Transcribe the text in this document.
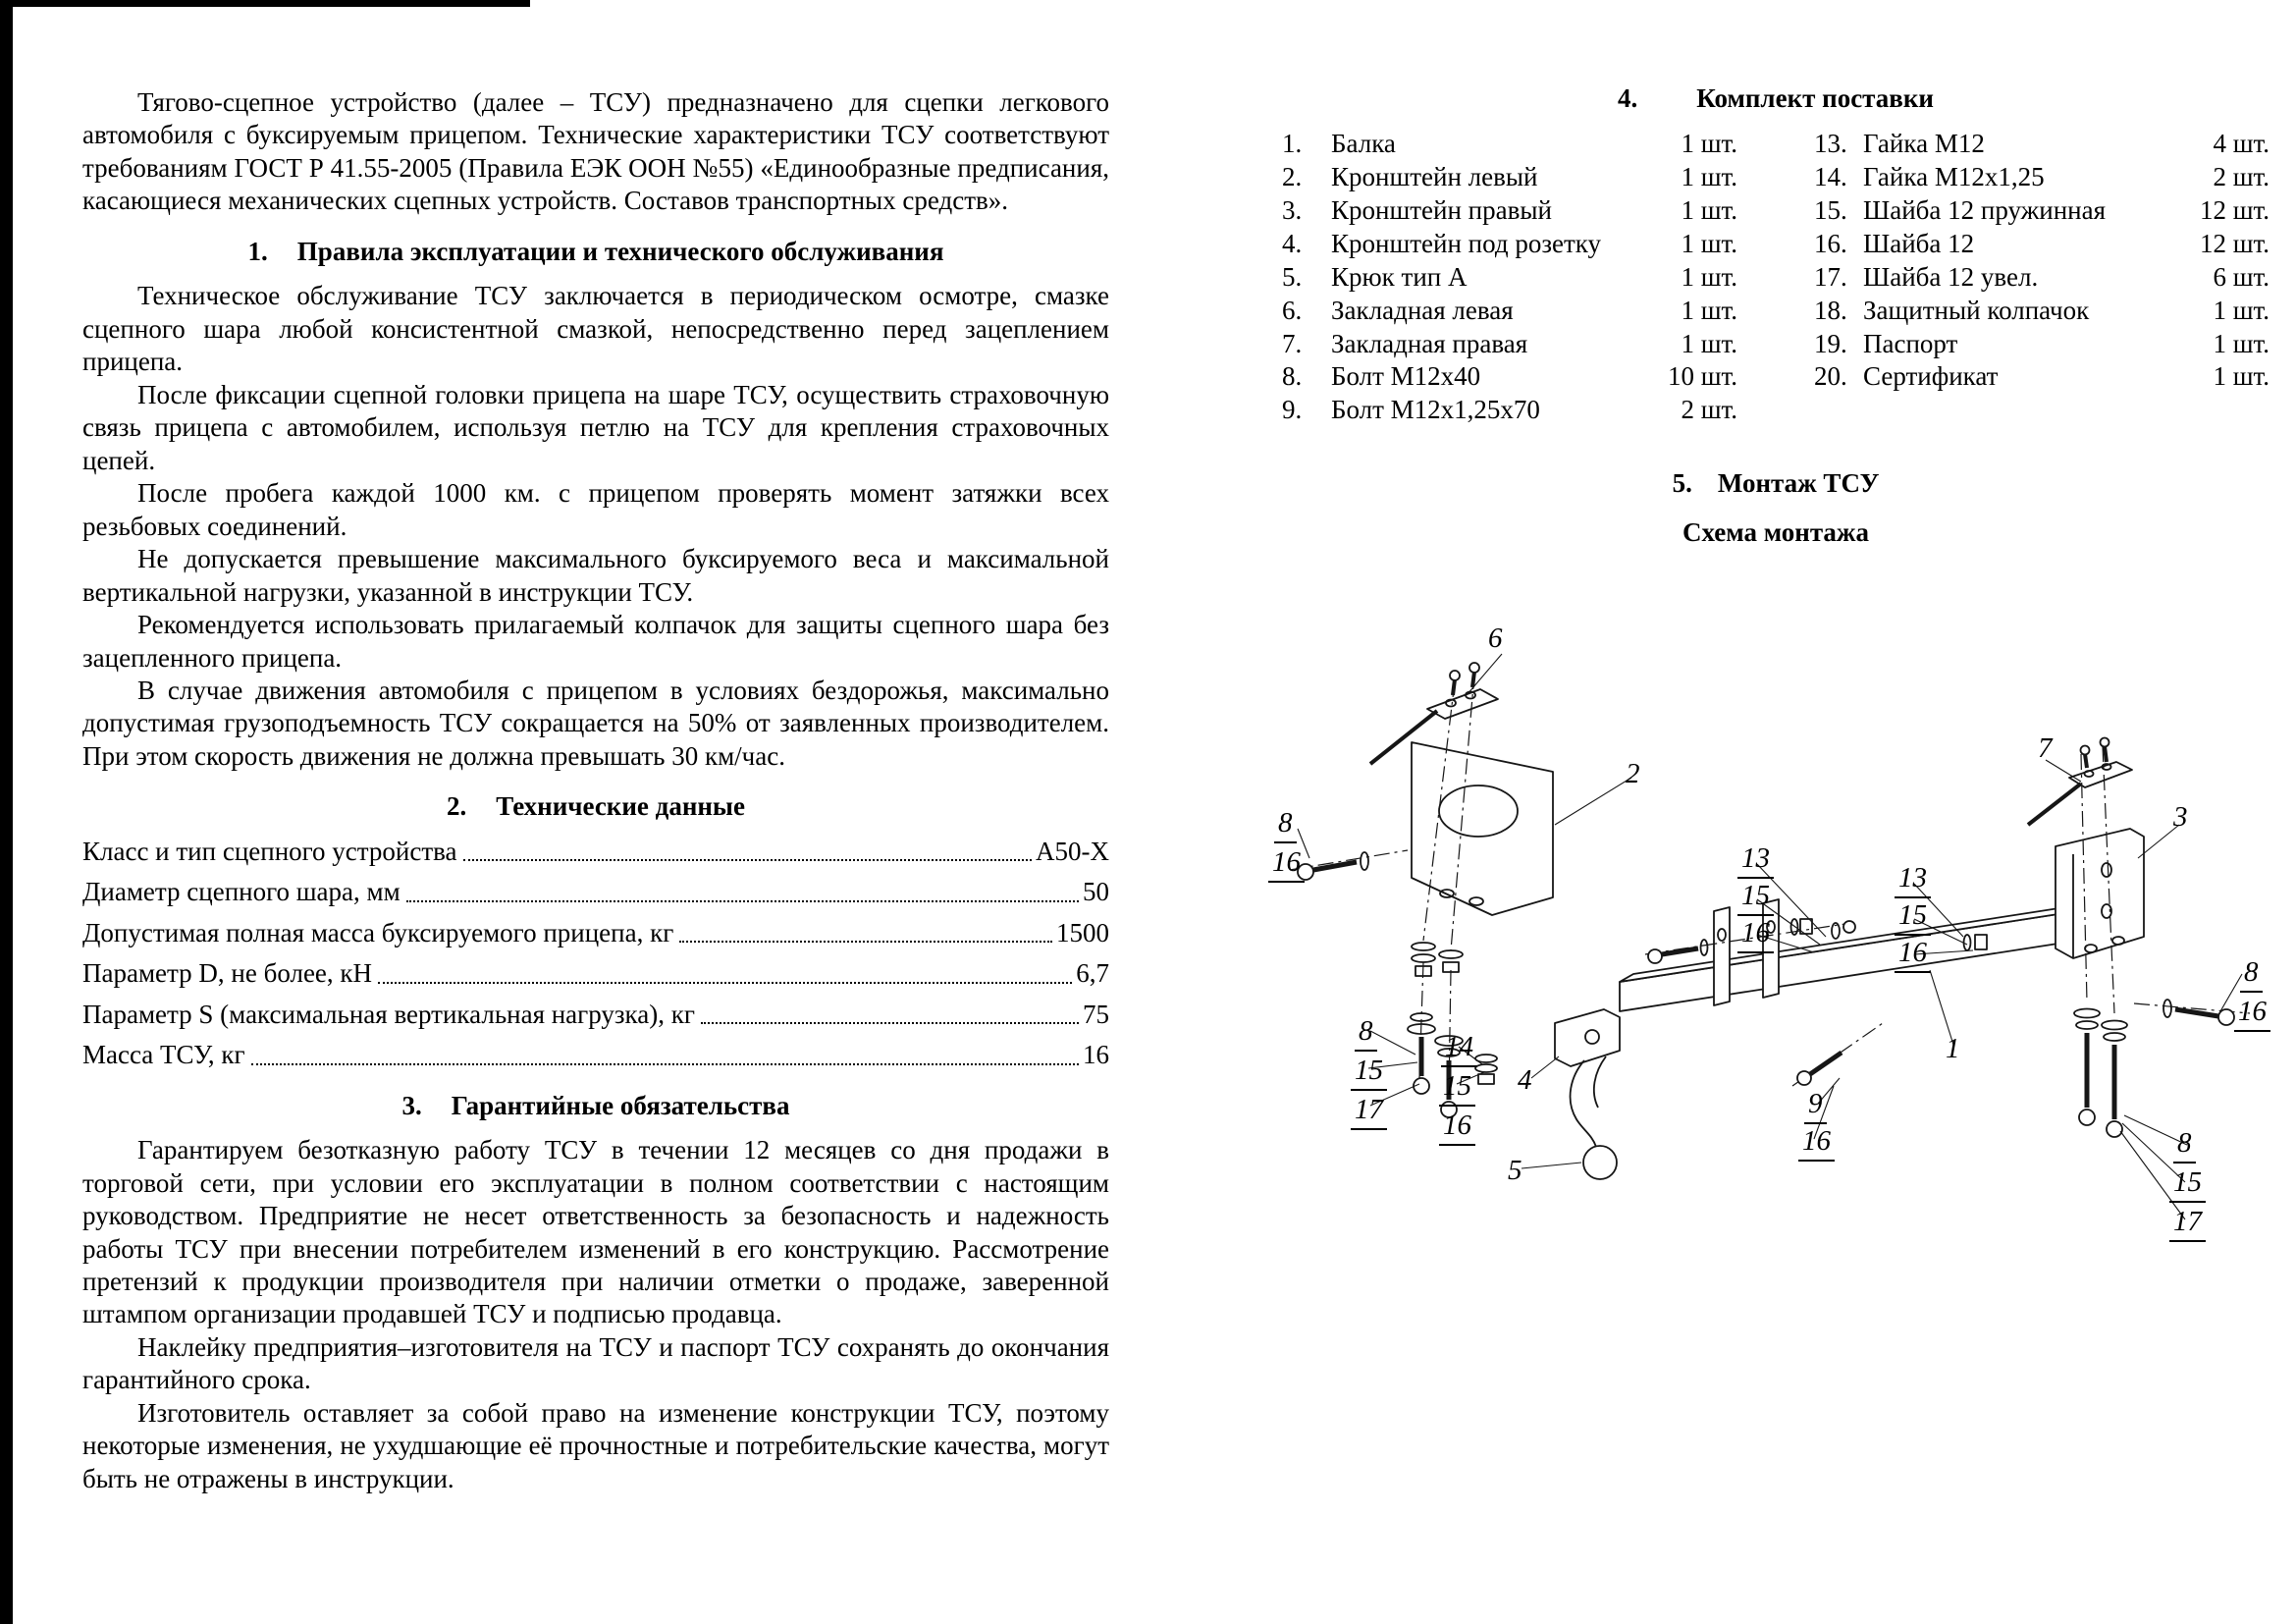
Тягово-сцепное устройство (далее – ТСУ) предназначено для сцепки легкового автомобиля с буксируемым прицепом. Технические характеристики ТСУ соответствуют требованиям ГОСТ Р 41.55-2005 (Правила ЕЭК ООН №55) «Единообразные предписания, касающиеся механических сцепных устройств. Составов транспортных средств».

1. Правила эксплуатации и технического обслуживания

Техническое обслуживание ТСУ заключается в периодическом осмотре, смазке сцепного шара любой консистентной смазкой, непосредственно перед зацеплением прицепа.

После фиксации сцепной головки прицепа на шаре ТСУ, осуществить страховочную связь прицепа с автомобилем, используя петлю на ТСУ для крепления страховочных цепей.

После пробега каждой 1000 км. с прицепом проверять момент затяжки всех резьбовых соединений.

Не допускается превышение максимального буксируемого веса и максимальной вертикальной нагрузки, указанной в инструкции ТСУ.

Рекомендуется использовать прилагаемый колпачок для защиты сцепного шара без зацепленного прицепа.

В случае движения автомобиля с прицепом в условиях бездорожья, максимально допустимая грузоподъемность ТСУ сокращается на 50% от заявленных производителем. При этом скорость движения не должна превышать 30 км/час.

2. Технические данные
Класс и тип сцепного устройства	А50-Х
Диаметр сцепного шара, мм	50
Допустимая полная масса буксируемого прицепа, кг	1500
Параметр D, не более, кН	6,7
Параметр S (максимальная вертикальная нагрузка), кг	75
Масса ТСУ, кг	16
3. Гарантийные обязательства

Гарантируем безотказную работу ТСУ в течении 12 месяцев со дня продажи в торговой сети, при условии его эксплуатации в полном соответствии с настоящим руководством. Предприятие не несет ответственность за безопасность и надежность работы ТСУ при внесении потребителем изменений в его конструкцию. Рассмотрение претензий к продукции производителя при наличии отметки о продаже, заверенной штампом организации продавшей ТСУ и подписью продавца.

Наклейку предприятия–изготовителя на ТСУ и паспорт ТСУ сохранять до окончания гарантийного срока.

Изготовитель оставляет за собой право на изменение конструкции ТСУ, поэтому некоторые изменения, не ухудшающие её прочностные и потребительские качества, могут быть не отражены в инструкции.

4. Комплект поставки
1.	Балка	1 шт.
2.	Кронштейн левый	1 шт.
3.	Кронштейн правый	1 шт.
4.	Кронштейн под розетку	1 шт.
5.	Крюк тип А	1 шт.
6.	Закладная левая	1 шт.
7.	Закладная правая	1 шт.
8.	Болт М12х40	10 шт.
9.	Болт М12х1,25х70	2 шт.
13. Гайка М12	4 шт.
14. Гайка М12х1,25	2 шт.
15. Шайба 12 пружинная	12 шт.
16. Шайба 12	12 шт.
17. Шайба 12 увел.	6 шт.
18. Защитный колпачок	1 шт.
19. Паспорт	1 шт.
20. Сертификат	1 шт.
5. Монтаж ТСУ
Схема монтажа
6
2
8
16	13
15
16
13
15
16
7
3
8
16
8
15
17
14
15
16
4
5
9
16
1
8
15
17
